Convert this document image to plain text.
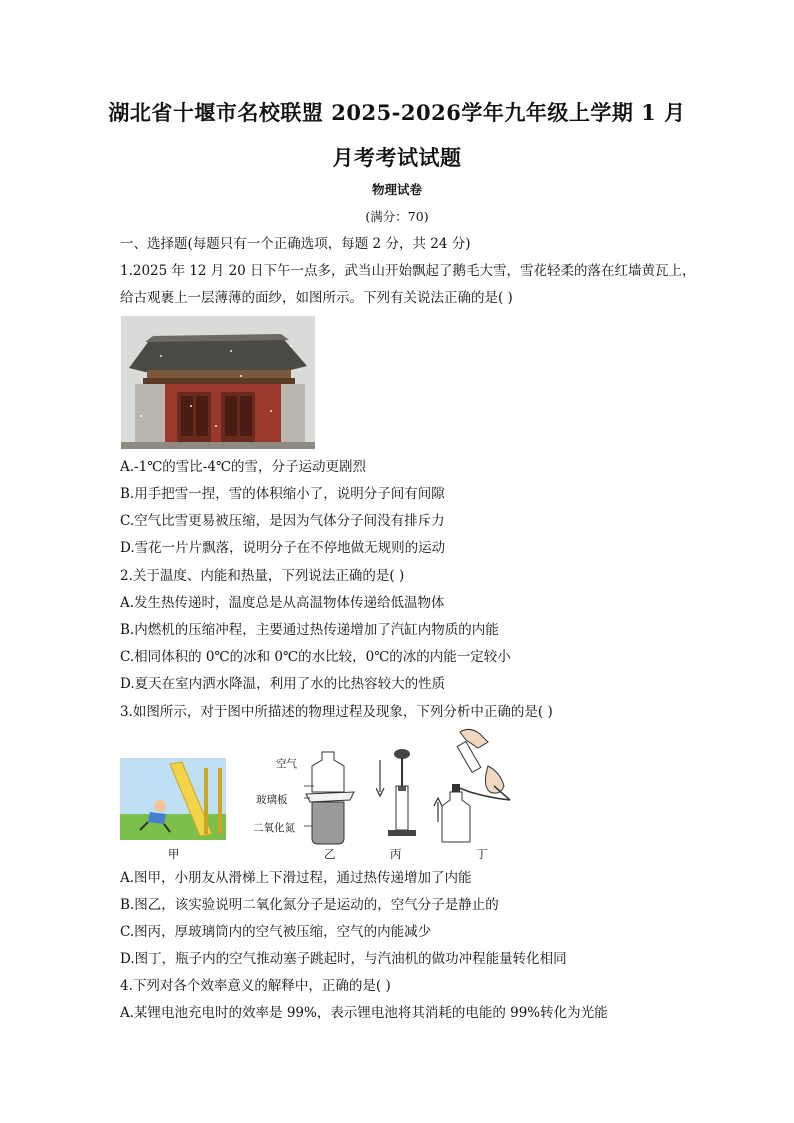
湖北省十堰市名校联盟 2025-2026学年九年级上学期 1 月
月考考试试题
物理试卷
(满分：70)
一、选择题(每题只有一个正确选项，每题 2 分，共 24 分)
1.2025 年 12 月 20 日下午一点多，武当山开始飘起了鹅毛大雪，雪花轻柔的落在红墙黄瓦上，
给古观裹上一层薄薄的面纱，如图所示。下列有关说法正确的是( )
A.-1℃的雪比-4℃的雪，分子运动更剧烈
B.用手把雪一捏，雪的体积缩小了，说明分子间有间隙
C.空气比雪更易被压缩，是因为气体分子间没有排斥力
D.雪花一片片飘落，说明分子在不停地做无规则的运动
2.关于温度、内能和热量，下列说法正确的是( )
A.发生热传递时，温度总是从高温物体传递给低温物体
B.内燃机的压缩冲程，主要通过热传递增加了汽缸内物质的内能
C.相同体积的 0℃的冰和 0℃的水比较，0℃的冰的内能一定较小
D.夏天在室内洒水降温，利用了水的比热容较大的性质
3.如图所示，对于图中所描述的物理过程及现象，下列分析中正确的是( )
甲
空气
玻璃板
二氧化氮
乙	丙	丁
A.图甲，小朋友从滑梯上下滑过程，通过热传递增加了内能
B.图乙，该实验说明二氧化氮分子是运动的，空气分子是静止的
C.图丙，厚玻璃筒内的空气被压缩，空气的内能减少
D.图丁，瓶子内的空气推动塞子跳起时，与汽油机的做功冲程能量转化相同
4.下列对各个效率意义的解释中，正确的是( )
A.某锂电池充电时的效率是 99%，表示锂电池将其消耗的电能的 99%转化为光能
